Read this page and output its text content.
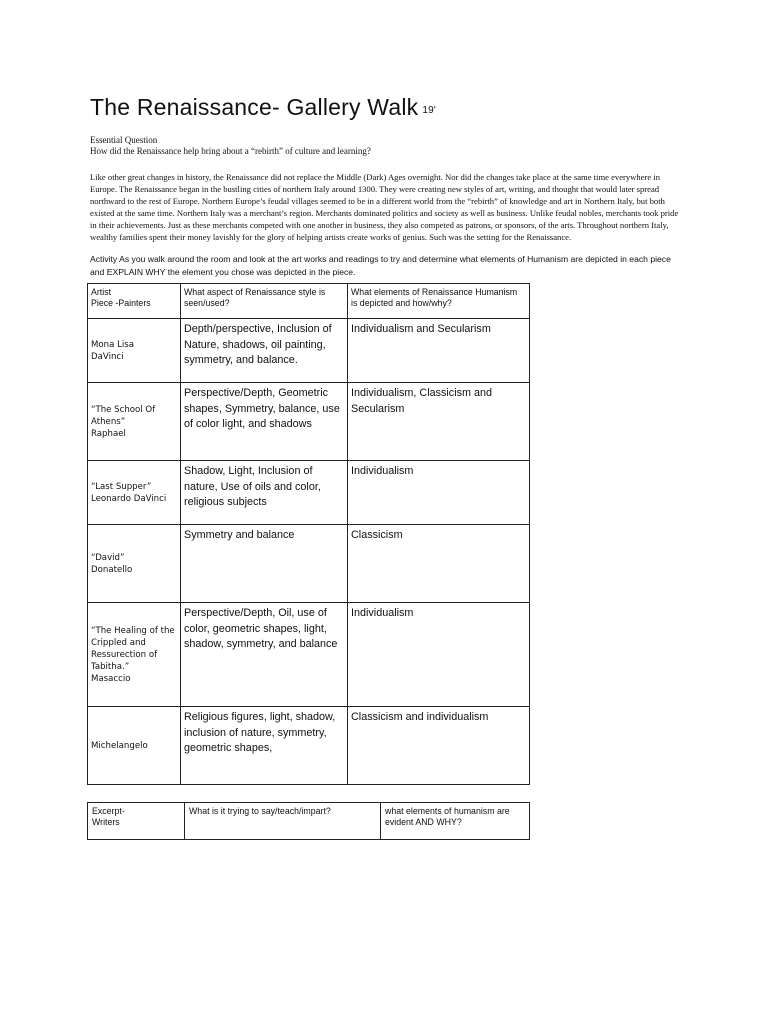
The Renaissance- Gallery Walk $^{19'}$
Essential Question
How did the Renaissance help bring about a “rebirth” of culture and learning?

Like other great changes in history, the Renaissance did not replace the Middle (Dark) Ages overnight. Nor did the changes take place at the same time everywhere in Europe. The Renaissance began in the bustling cities of northern Italy around 1300. They were creating new styles of art, writing, and thought that would later spread northward to the rest of Europe. Northern Europe’s feudal villages seemed to be in a different world from the “rebirth” of knowledge and art in Northern Italy, but both existed at the same time. Northern Italy was a merchant’s region. Merchants dominated politics and society as well as business. Unlike feudal nobles, merchants took pride in their achievements. Just as these merchants competed with one another in business, they also competed as patrons, or sponsors, of the arts. Throughout northern Italy, wealthy families spent their money lavishly for the glory of helping artists create works of genius. Such was the setting for the Renaissance.

Activity As you walk around the room and look at the art works and readings to try and determine what elements of Humanism are depicted in each piece and EXPLAIN WHY the element you chose was depicted in the piece.

Artist
Piece -Painters	What aspect of Renaissance style is seen/used?	What elements of Renaissance Humanism is depicted and how/why?
Mona Lisa
DaVinci	Depth/perspective, Inclusion of Nature, shadows, oil painting, symmetry, and balance.	Individualism and Secularism
“The School Of Athens”
Raphael	Perspective/Depth, Geometric shapes, Symmetry, balance, use of color light, and shadows	Individualism, Classicism and Secularism
“Last Supper”
Leonardo DaVinci	Shadow, Light, Inclusion of nature, Use of oils and color, religious subjects	Individualism
“David”
Donatello	Symmetry and balance	Classicism
“The Healing of the Crippled and Ressurection of Tabitha.”
Masaccio	Perspective/Depth, Oil, use of color, geometric shapes, light, shadow, symmetry, and balance	Individualism
Michelangelo	Religious figures, light, shadow, inclusion of nature, symmetry, geometric shapes,	Classicism and individualism
Excerpt-
Writers	What is it trying to say/teach/impart?	what elements of humanism are evident AND WHY?
